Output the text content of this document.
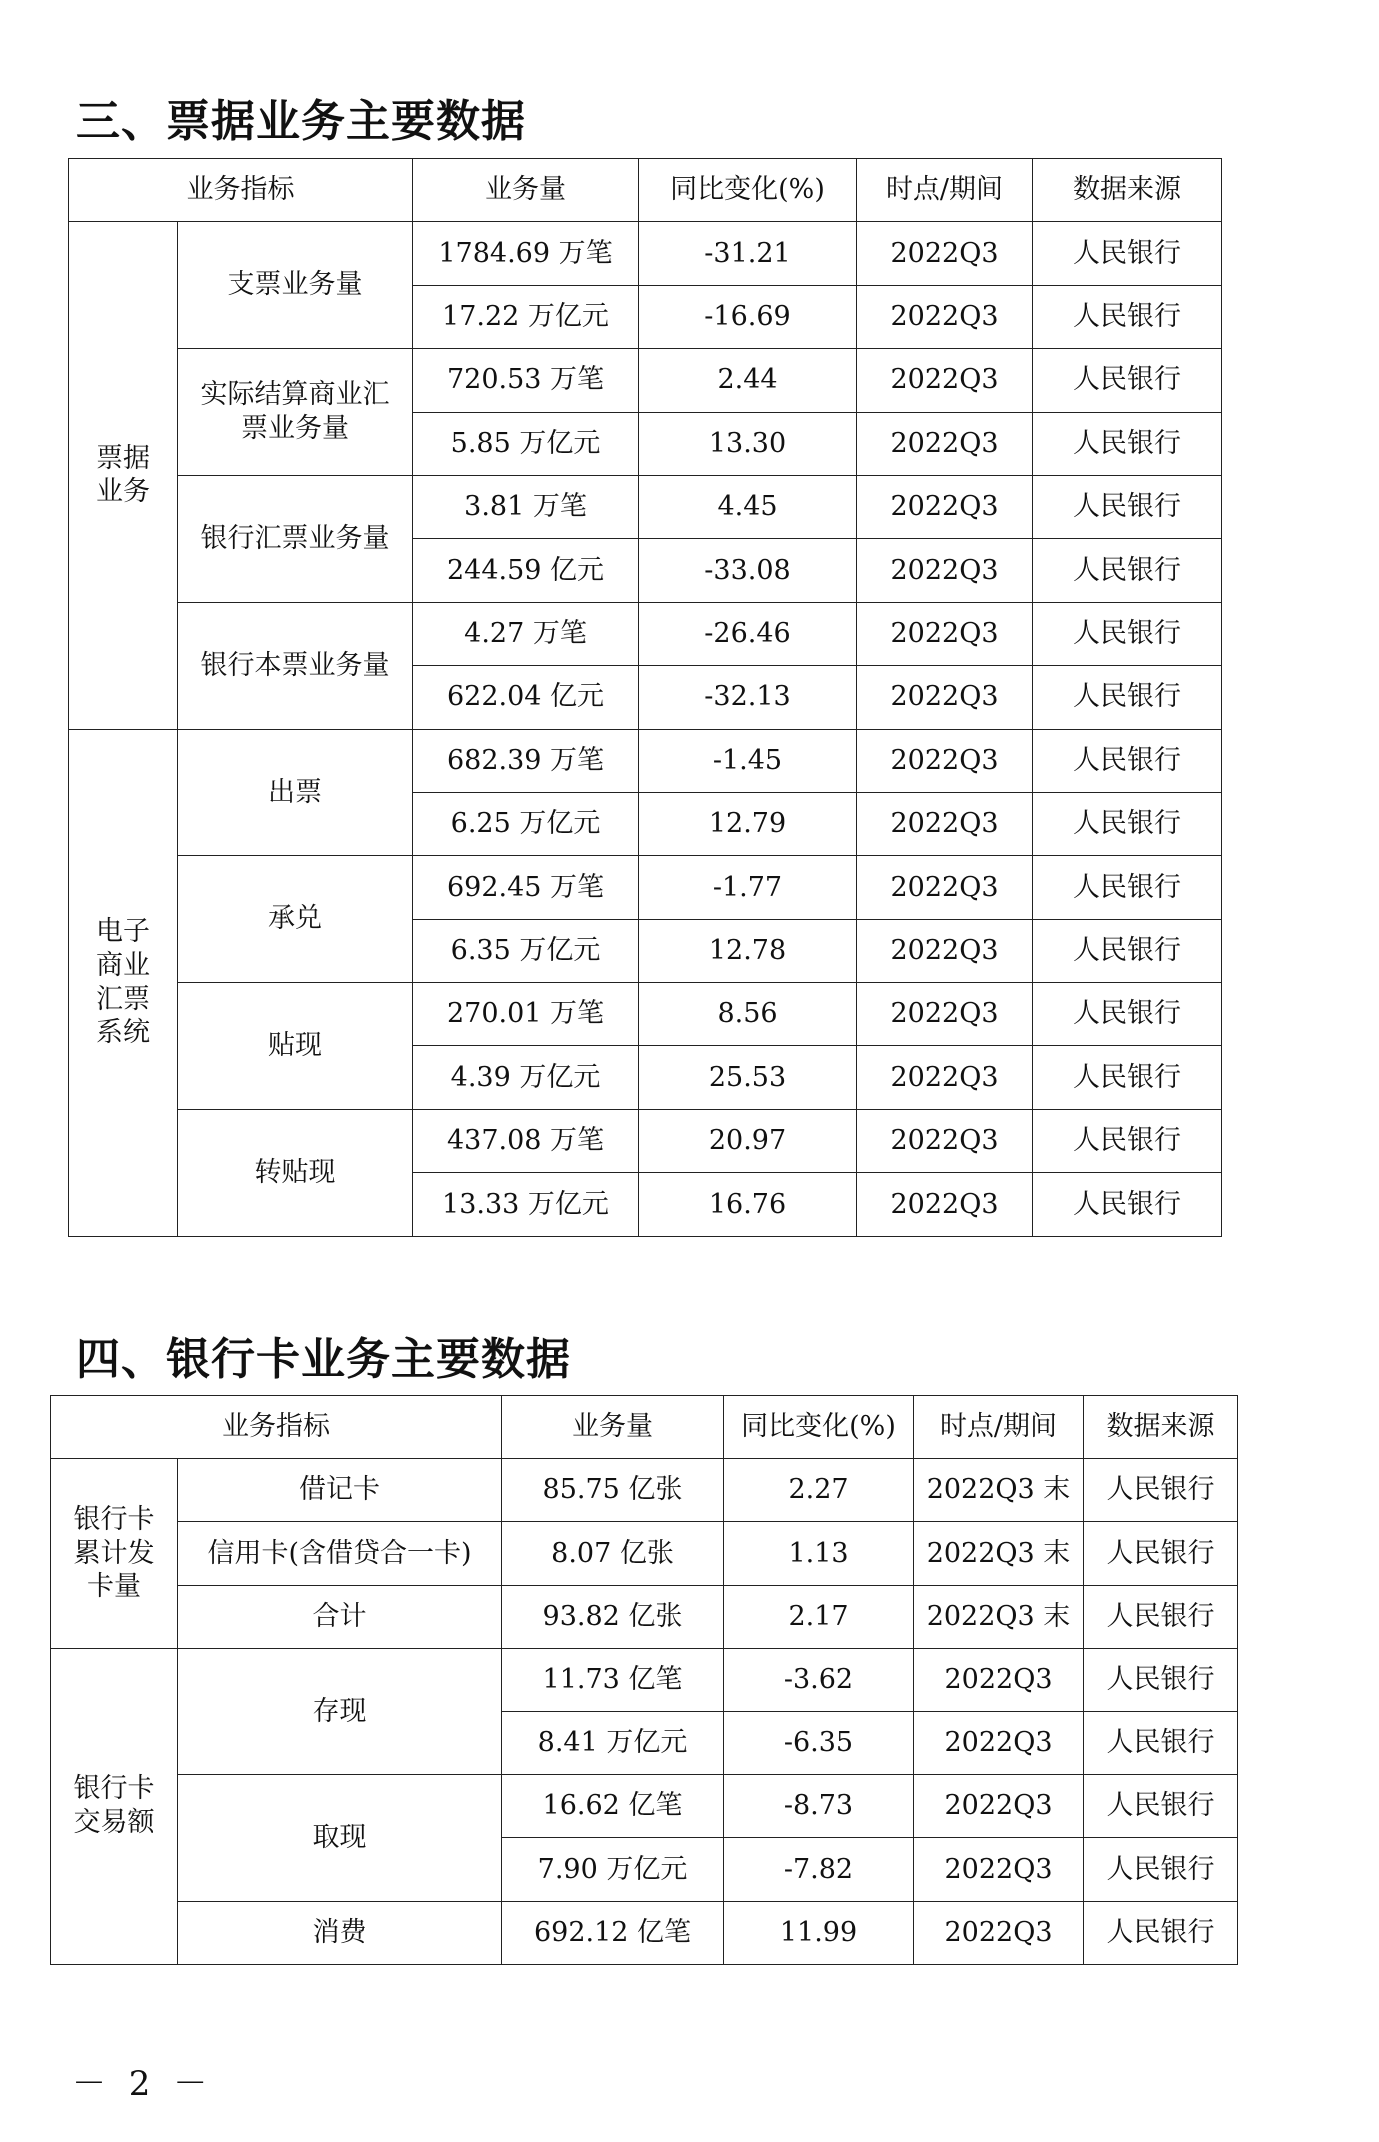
三、票据业务主要数据
业务指标		业务量	同比变化(%)	时点/期间	数据来源
票据业务	支票业务量	1784.69 万笔	-31.21	2022Q3	人民银行
		17.22 万亿元	-16.69	2022Q3	人民银行
	实际结算商业汇票业务量	720.53 万笔	2.44	2022Q3	人民银行
		5.85 万亿元	13.30	2022Q3	人民银行
	银行汇票业务量	3.81 万笔	4.45	2022Q3	人民银行
		244.59 亿元	-33.08	2022Q3	人民银行
	银行本票业务量	4.27 万笔	-26.46	2022Q3	人民银行
		622.04 亿元	-32.13	2022Q3	人民银行
电子商业汇票系统	出票	682.39 万笔	-1.45	2022Q3	人民银行
		6.25 万亿元	12.79	2022Q3	人民银行
	承兑	692.45 万笔	-1.77	2022Q3	人民银行
		6.35 万亿元	12.78	2022Q3	人民银行
	贴现	270.01 万笔	8.56	2022Q3	人民银行
		4.39 万亿元	25.53	2022Q3	人民银行
	转贴现	437.08 万笔	20.97	2022Q3	人民银行
		13.33 万亿元	16.76	2022Q3	人民银行
四、银行卡业务主要数据
业务指标		业务量	同比变化(%)	时点/期间	数据来源
银行卡累计发卡量	借记卡	85.75 亿张	2.27	2022Q3 末	人民银行
	信用卡(含借贷合一卡)	8.07 亿张	1.13	2022Q3 末	人民银行
	合计	93.82 亿张	2.17	2022Q3 末	人民银行
银行卡交易额	存现	11.73 亿笔	-3.62	2022Q3	人民银行
		8.41 万亿元	-6.35	2022Q3	人民银行
	取现	16.62 亿笔	-8.73	2022Q3	人民银行
		7.90 万亿元	-7.82	2022Q3	人民银行
	消费	692.12 亿笔	11.99	2022Q3	人民银行
－ 2 －
